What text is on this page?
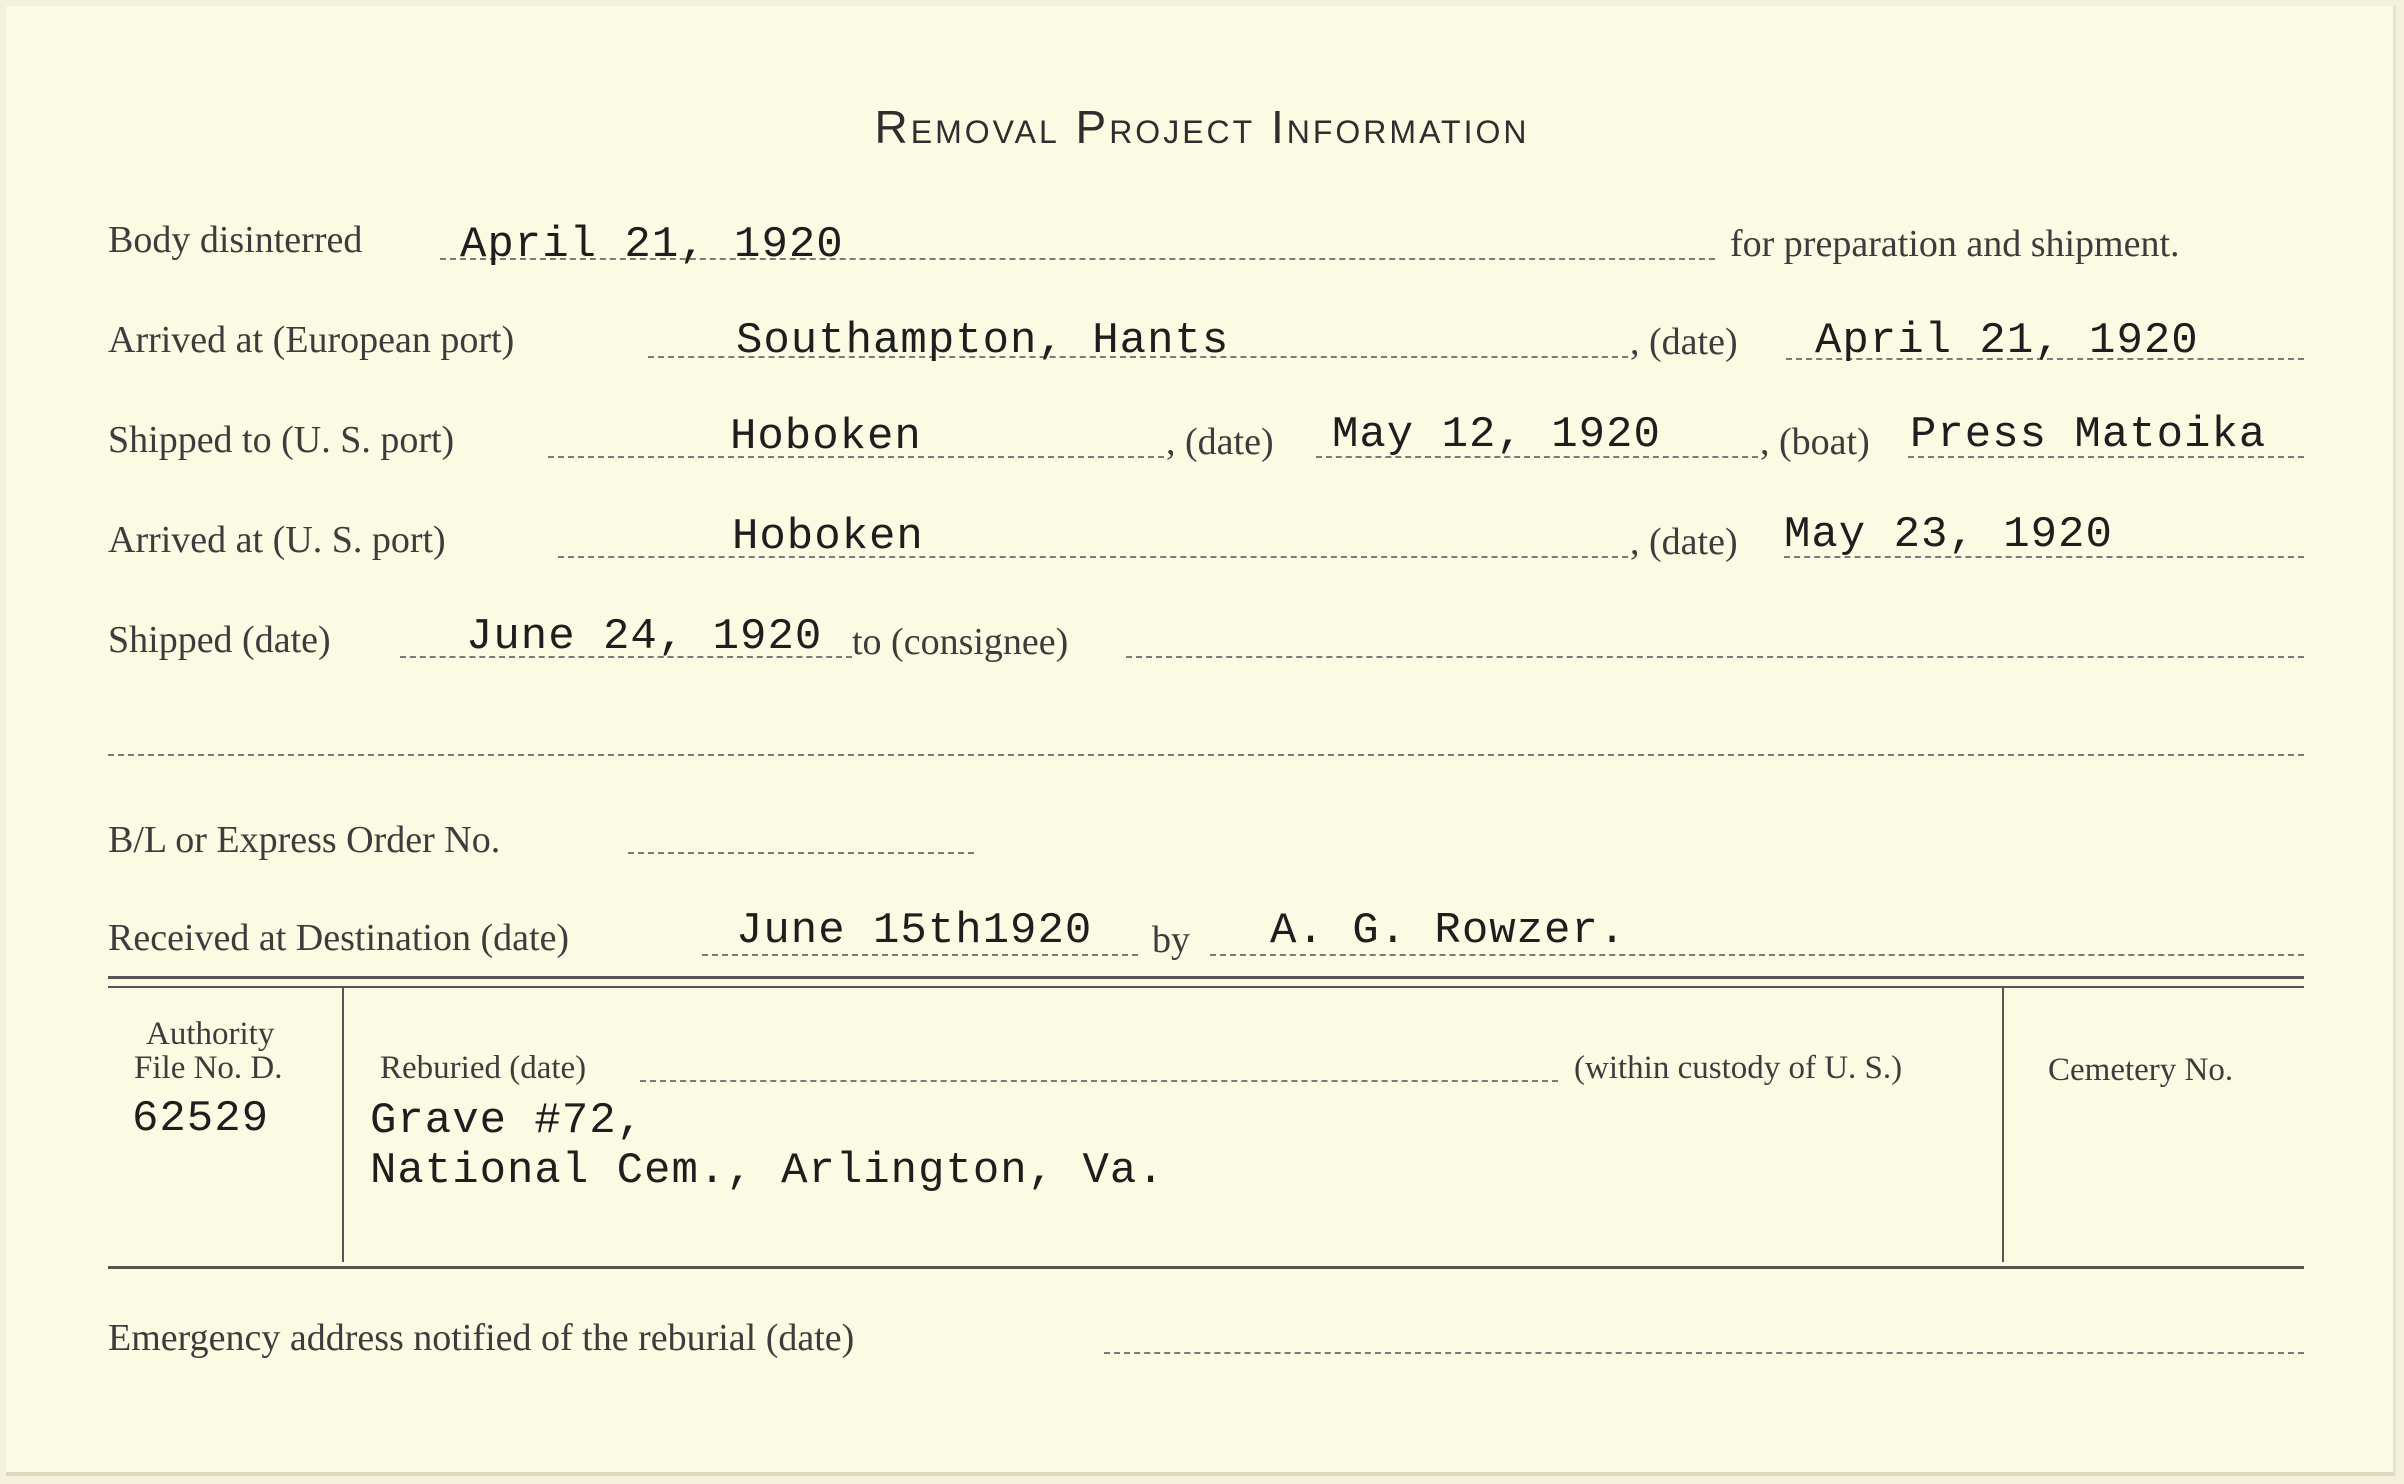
Removal Project Information
Body disinterred April 21, 1920	for preparation and shipment.
Arrived at (European port)	Southampton, Hants	, (date) April 21, 1920
Shipped to (U. S. port)	Hoboken	, (date) May 12, 1920	, (boat) Press Matoika
Arrived at (U. S. port)	Hoboken	, (date) May 23, 1920
Shipped (date)	June 24, 1920 to (consignee)
B/L or Express Order No.
Received at Destination (date)	June 15th1920 by A. G. Rowzer.
Authority
File No. D.
62529
Reburied (date)	(within custody of U. S.)
Grave #72,
National Cem., Arlington, Va.
Cemetery No.
Emergency address notified of the reburial (date)
